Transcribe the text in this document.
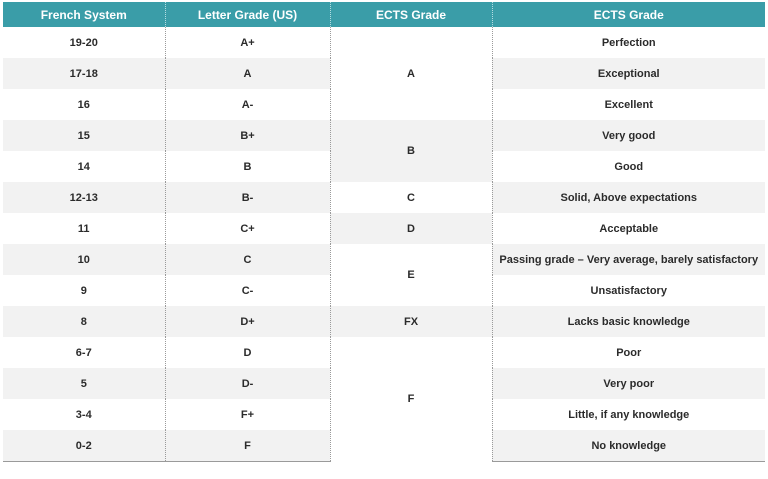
French System	Letter Grade (US)	ECTS Grade	ECTS Grade
19-20	A+	A	Perfection
17-18	A		Exceptional
16	A-		Excellent
15	B+	B	Very good
14	B		Good
12-13	B-	C	Solid, Above expectations
11	C+	D	Acceptable
10	C	E	Passing grade – Very average, barely satisfactory
9	C-		Unsatisfactory
8	D+	FX	Lacks basic knowledge
6-7	D	F	Poor
5	D-		Very poor
3-4	F+		Little, if any knowledge
0-2	F		No knowledge
